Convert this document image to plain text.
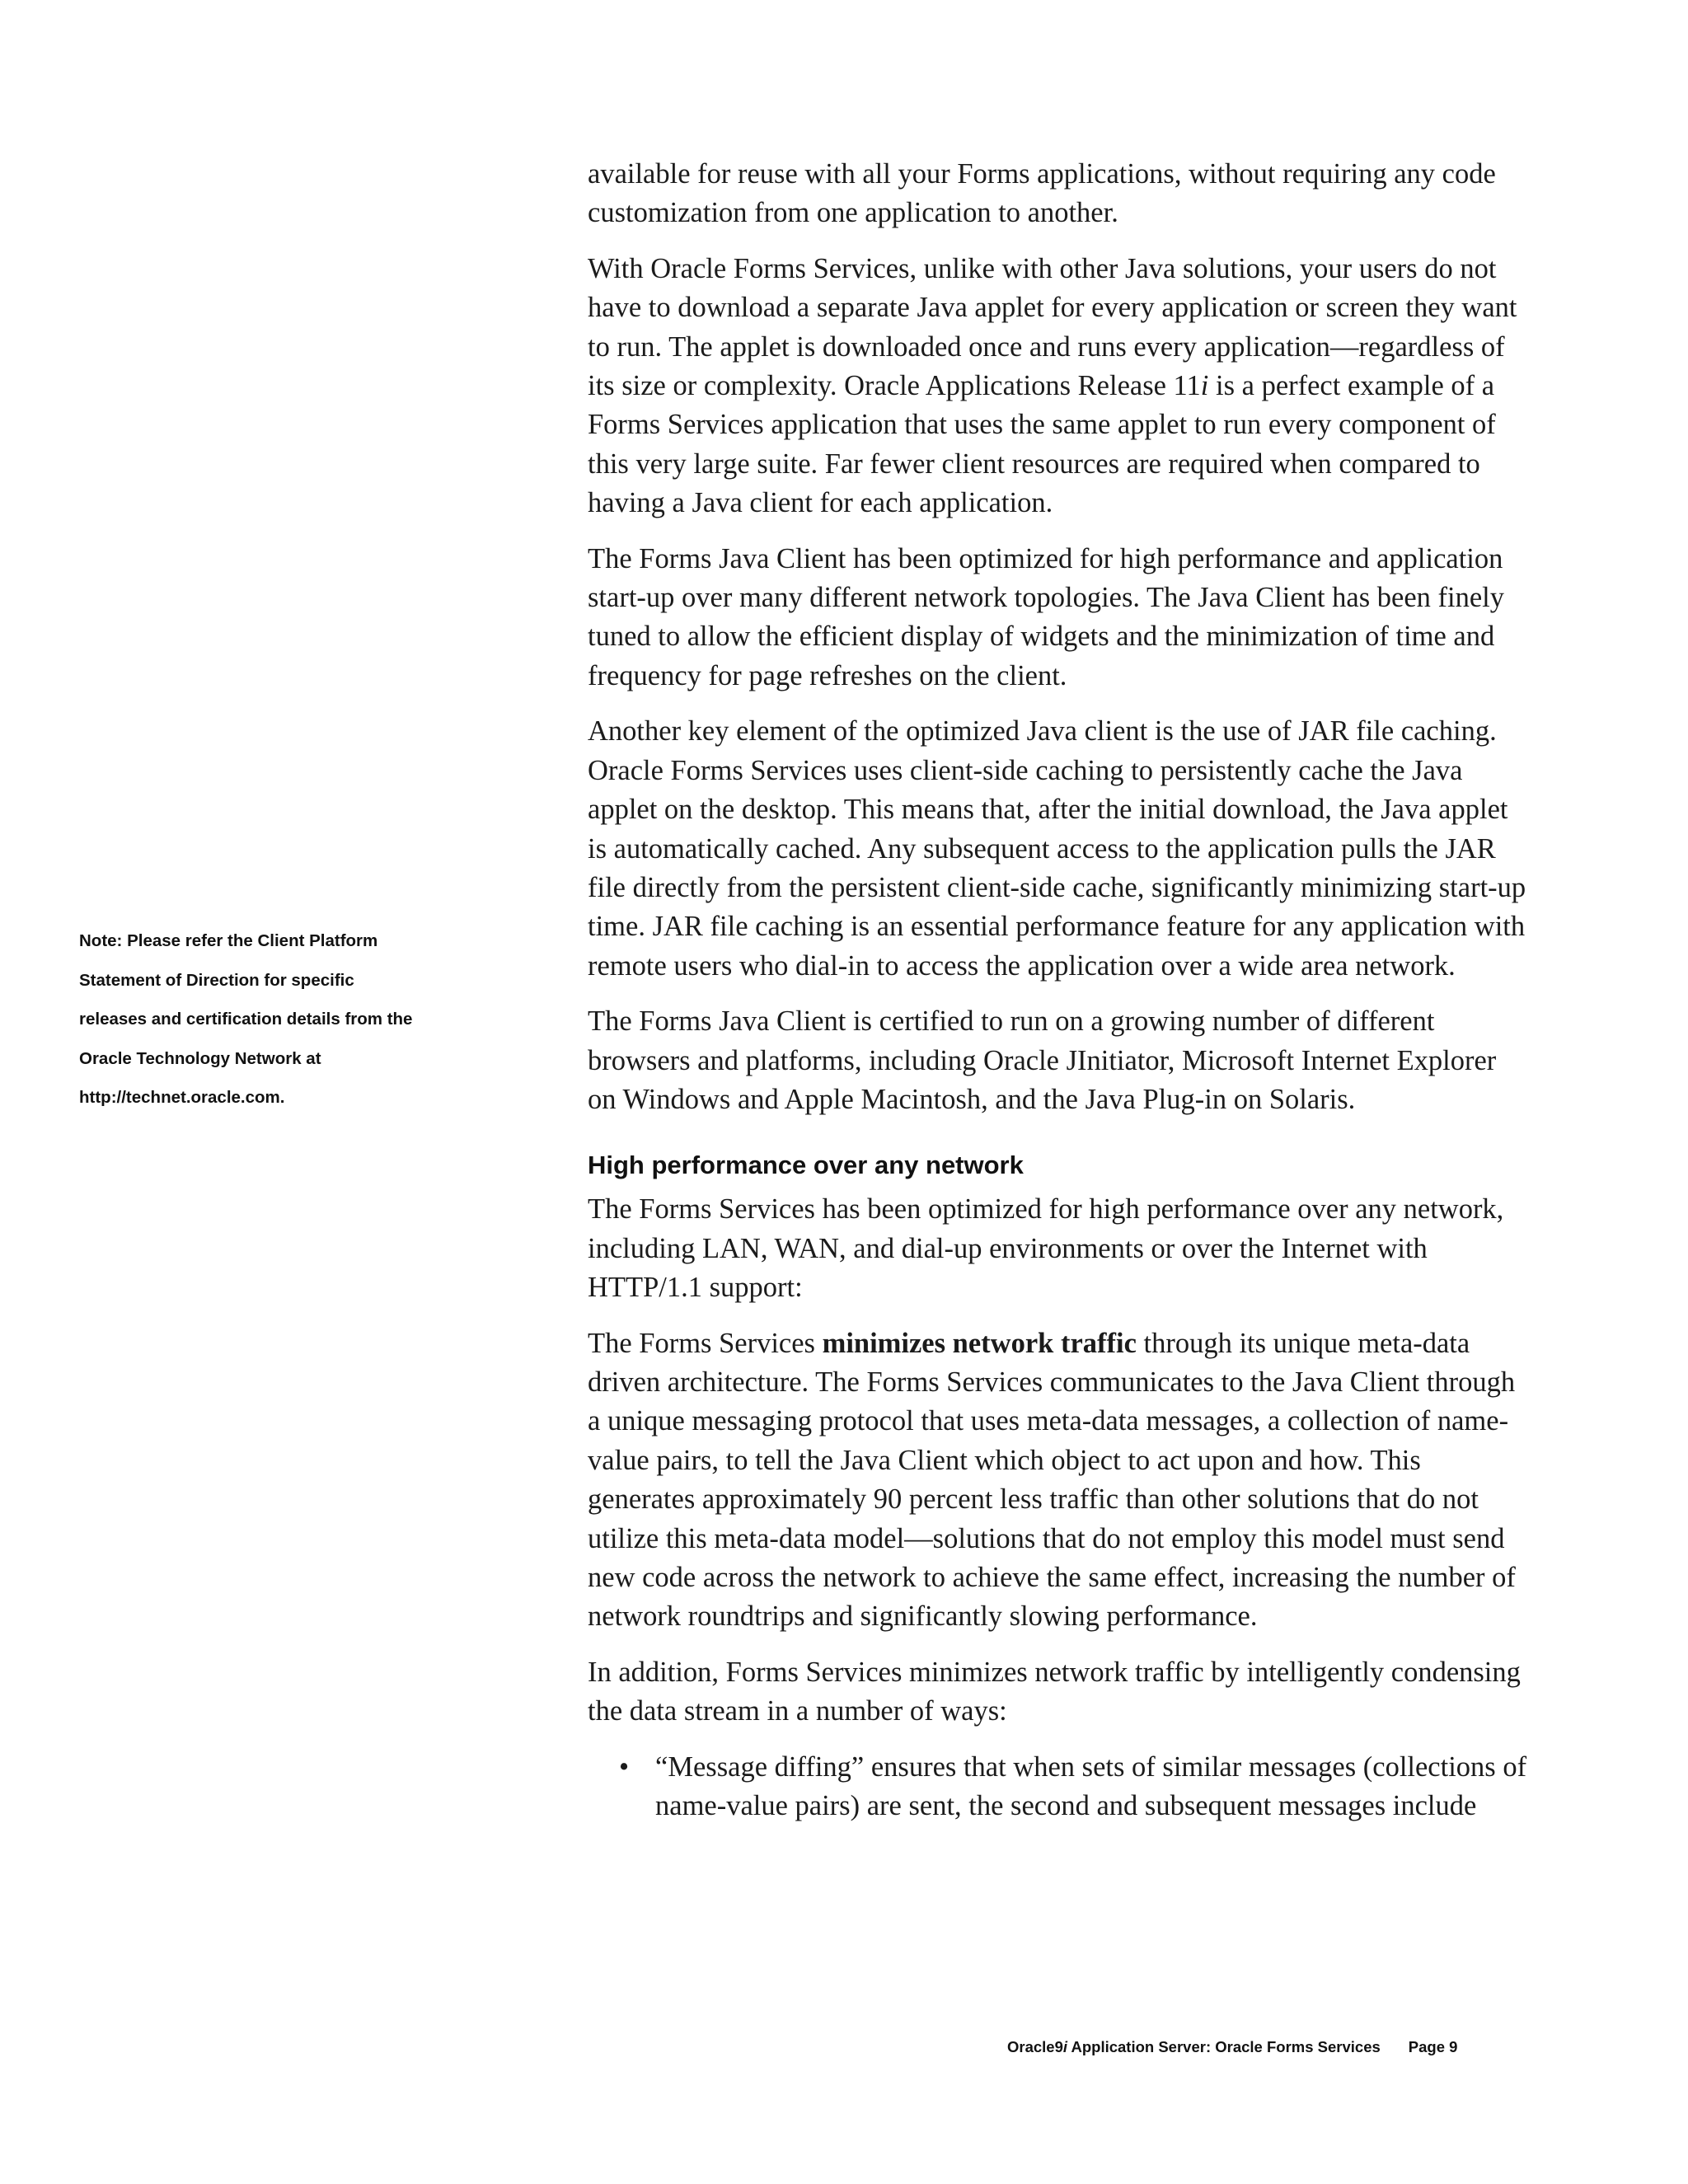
Note: Please refer the Client Platform
Statement of Direction for specific
releases and certification details from the
Oracle Technology Network at
http://technet.oracle.com.

available for reuse with all your Forms applications, without requiring any code
customization from one application to another.

With Oracle Forms Services, unlike with other Java solutions, your users do not
have to download a separate Java applet for every application or screen they want
to run. The applet is downloaded once and runs every application—regardless of
its size or complexity. Oracle Applications Release 11i is a perfect example of a
Forms Services application that uses the same applet to run every component of
this very large suite. Far fewer client resources are required when compared to
having a Java client for each application.

The Forms Java Client has been optimized for high performance and application
start-up over many different network topologies. The Java Client has been finely
tuned to allow the efficient display of widgets and the minimization of time and
frequency for page refreshes on the client.

Another key element of the optimized Java client is the use of JAR file caching.
Oracle Forms Services uses client-side caching to persistently cache the Java
applet on the desktop. This means that, after the initial download, the Java applet
is automatically cached. Any subsequent access to the application pulls the JAR
file directly from the persistent client-side cache, significantly minimizing start-up
time. JAR file caching is an essential performance feature for any application with
remote users who dial-in to access the application over a wide area network.

The Forms Java Client is certified to run on a growing number of different
browsers and platforms, including Oracle JInitiator, Microsoft Internet Explorer
on Windows and Apple Macintosh, and the Java Plug-in on Solaris.

High performance over any network

The Forms Services has been optimized for high performance over any network,
including LAN, WAN, and dial-up environments or over the Internet with
HTTP/1.1 support:

The Forms Services minimizes network traffic through its unique meta-data
driven architecture. The Forms Services communicates to the Java Client through
a unique messaging protocol that uses meta-data messages, a collection of name-
value pairs, to tell the Java Client which object to act upon and how. This
generates approximately 90 percent less traffic than other solutions that do not
utilize this meta-data model—solutions that do not employ this model must send
new code across the network to achieve the same effect, increasing the number of
network roundtrips and significantly slowing performance.

In addition, Forms Services minimizes network traffic by intelligently condensing
the data stream in a number of ways:

• “Message diffing” ensures that when sets of similar messages (collections of
name-value pairs) are sent, the second and subsequent messages include
Oracle9i Application Server: Oracle Forms Services Page 9
